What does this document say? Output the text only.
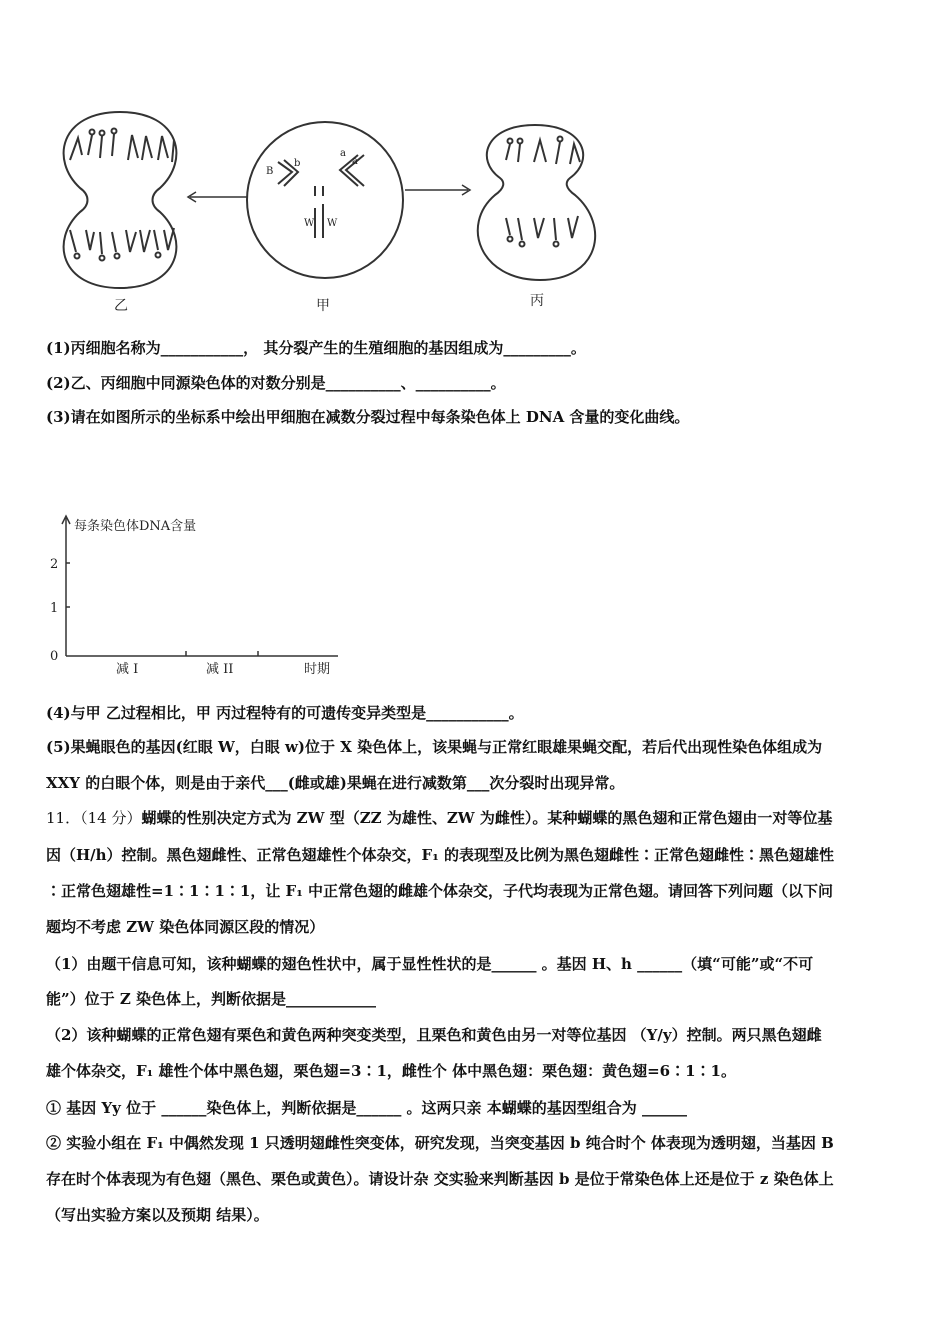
B
b
a
a
W W
乙	甲	丙
(1)丙细胞名称为___________， 其分裂产生的生殖细胞的基因组成为_________。
(2)乙、丙细胞中同源染色体的对数分别是__________、__________。
(3)请在如图所示的坐标系中绘出甲细胞在减数分裂过程中每条染色体上 DNA 含量的变化曲线。
每条染色体DNA含量
2
1
0
减 I	减 II	时期
(4)与甲 乙过程相比，甲 丙过程特有的可遗传变异类型是___________。
(5)果蝇眼色的基因(红眼 W，白眼 w)位于 X 染色体上，该果蝇与正常红眼雄果蝇交配，若后代出现性染色体组成为
XXY 的白眼个体，则是由于亲代___(雌或雄)果蝇在进行减数第___次分裂时出现异常。
11．（14 分）蝴蝶的性别决定方式为 ZW 型（ZZ 为雄性、ZW 为雌性）。某种蝴蝶的黑色翅和正常色翅由一对等位基
因（H/h）控制。黑色翅雌性、正常色翅雄性个体杂交，F₁ 的表现型及比例为黑色翅雌性∶正常色翅雌性∶黑色翅雄性
∶正常色翅雄性=1∶1∶1∶1，让 F₁ 中正常色翅的雌雄个体杂交，子代均表现为正常色翅。请回答下列问题（以下问
题均不考虑 ZW 染色体同源区段的情况）
（1）由题干信息可知，该种蝴蝶的翅色性状中，属于显性性状的是______ 。基因 H、h ______（填“可能”或“不可
能”）位于 Z 染色体上，判断依据是____________
（2）该种蝴蝶的正常色翅有栗色和黄色两种突变类型，且栗色和黄色由另一对等位基因 （Y/y）控制。两只黑色翅雌
雄个体杂交，F₁ 雄性个体中黑色翅，栗色翅=3∶1，雌性个 体中黑色翅：栗色翅：黄色翅=6∶1∶1。
① 基因 Yy 位于 ______染色体上，判断依据是______ 。这两只亲 本蝴蝶的基因型组合为 ______
② 实验小组在 F₁ 中偶然发现 1 只透明翅雌性突变体，研究发现，当突变基因 b 纯合时个 体表现为透明翅，当基因 B
存在时个体表现为有色翅（黑色、栗色或黄色）。请设计杂 交实验来判断基因 b 是位于常染色体上还是位于 z 染色体上
（写出实验方案以及预期 结果）。
